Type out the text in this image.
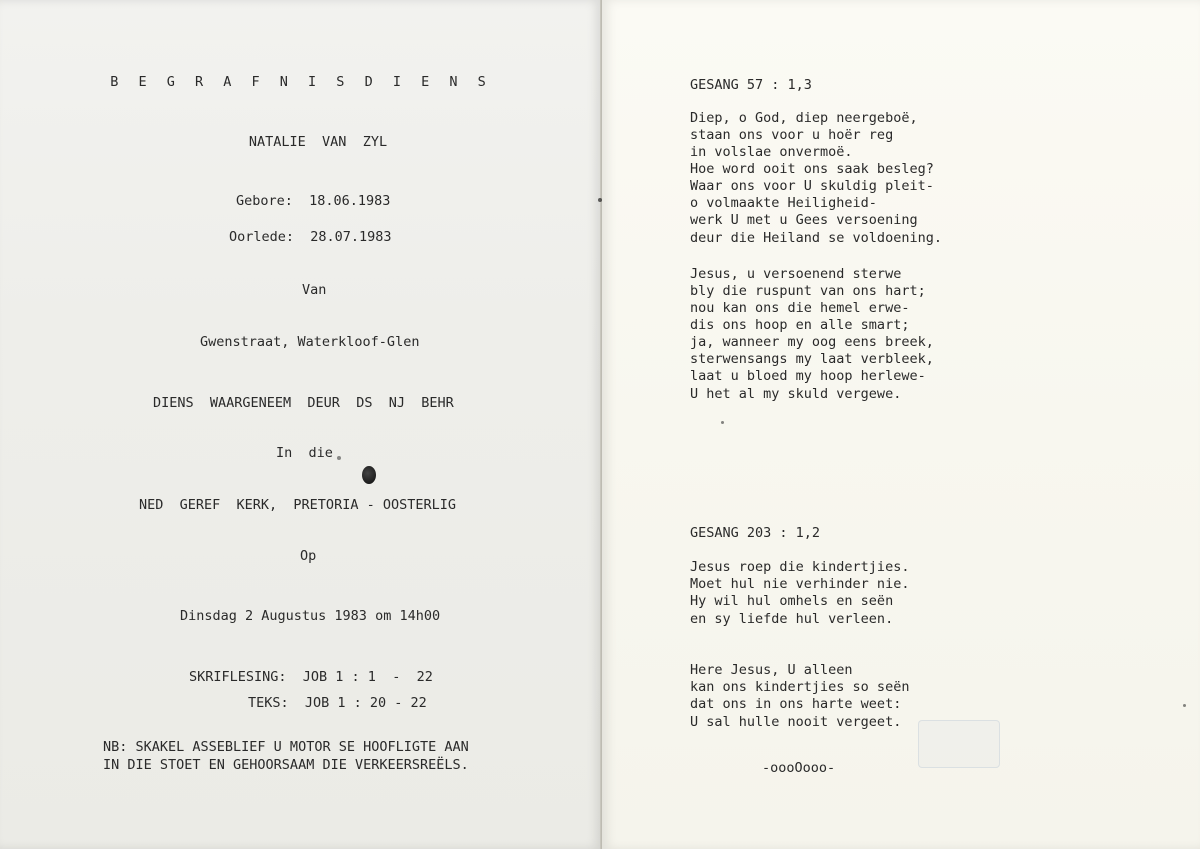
B E G R A F N I S D I E N S
NATALIE  VAN  ZYL
Gebore:  18.06.1983
Oorlede:  28.07.1983
Van
Gwenstraat, Waterkloof-Glen
DIENS  WAARGENEEM  DEUR  DS  NJ  BEHR
In  die
NED  GEREF  KERK,  PRETORIA - OOSTERLIG
Op
Dinsdag 2 Augustus 1983 om 14h00
SKRIFLESING:  JOB 1 : 1  -  22
TEKS:  JOB 1 : 20 - 22
NB: SKAKEL ASSEBLIEF U MOTOR SE HOOFLIGTE AAN
IN DIE STOET EN GEHOORSAAM DIE VERKEERSREËLS.
GESANG 57 : 1,3
Diep, o God, diep neergeboë,
staan ons voor u hoër reg
in volslae onvermoë.
Hoe word ooit ons saak besleg?
Waar ons voor U skuldig pleit-
o volmaakte Heiligheid-
werk U met u Gees versoening
deur die Heiland se voldoening.
Jesus, u versoenend sterwe
bly die ruspunt van ons hart;
nou kan ons die hemel erwe-
dis ons hoop en alle smart;
ja, wanneer my oog eens breek,
sterwensangs my laat verbleek,
laat u bloed my hoop herlewe-
U het al my skuld vergewe.
GESANG 203 : 1,2
Jesus roep die kindertjies.
Moet hul nie verhinder nie.
Hy wil hul omhels en seën
en sy liefde hul verleen.
Here Jesus, U alleen
kan ons kindertjies so seën
dat ons in ons harte weet:
U sal hulle nooit vergeet.
-oooOooo-
